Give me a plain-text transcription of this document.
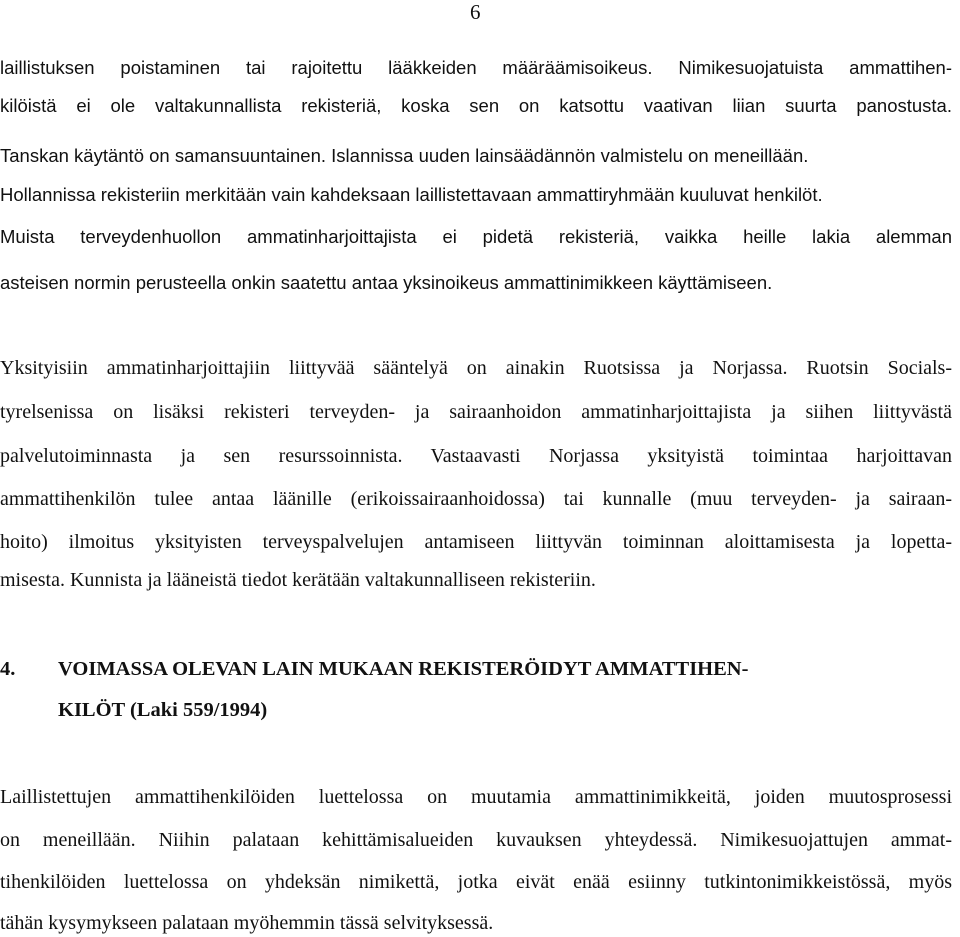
6
laillistuksen poistaminen tai rajoitettu lääkkeiden määräämisoikeus. Nimikesuojatuista ammattihen-
kilöistä ei ole valtakunnallista rekisteriä, koska sen on katsottu vaativan liian suurta panostusta.
Tanskan käytäntö on samansuuntainen. Islannissa uuden lainsäädännön valmistelu on meneillään.
Hollannissa rekisteriin merkitään vain kahdeksaan laillistettavaan ammattiryhmään kuuluvat henkilöt.
Muista terveydenhuollon ammatinharjoittajista ei pidetä rekisteriä, vaikka heille lakia alemman
asteisen normin perusteella onkin saatettu antaa yksinoikeus ammattinimikkeen käyttämiseen.
Yksityisiin ammatinharjoittajiin liittyvää sääntelyä on ainakin Ruotsissa ja Norjassa. Ruotsin Socials-
tyrelsenissa on lisäksi rekisteri terveyden- ja sairaanhoidon ammatinharjoittajista ja siihen liittyvästä
palvelutoiminnasta ja sen resurssoinnista. Vastaavasti Norjassa yksityistä toimintaa harjoittavan
ammattihenkilön tulee antaa läänille (erikoissairaanhoidossa) tai kunnalle (muu terveyden- ja sairaan-
hoito) ilmoitus yksityisten terveyspalvelujen antamiseen liittyvän toiminnan aloittamisesta ja lopetta-
misesta. Kunnista ja lääneistä tiedot kerätään valtakunnalliseen rekisteriin.
4. VOIMASSA OLEVAN LAIN MUKAAN REKISTERÖIDYT AMMATTIHEN-
KILÖT (Laki 559/1994)
Laillistettujen ammattihenkilöiden luettelossa on muutamia ammattinimikkeitä, joiden muutosprosessi
on meneillään. Niihin palataan kehittämisalueiden kuvauksen yhteydessä. Nimikesuojattujen ammat-
tihenkilöiden luettelossa on yhdeksän nimikettä, jotka eivät enää esiinny tutkintonimikkeistössä, myös
tähän kysymykseen palataan myöhemmin tässä selvityksessä.
